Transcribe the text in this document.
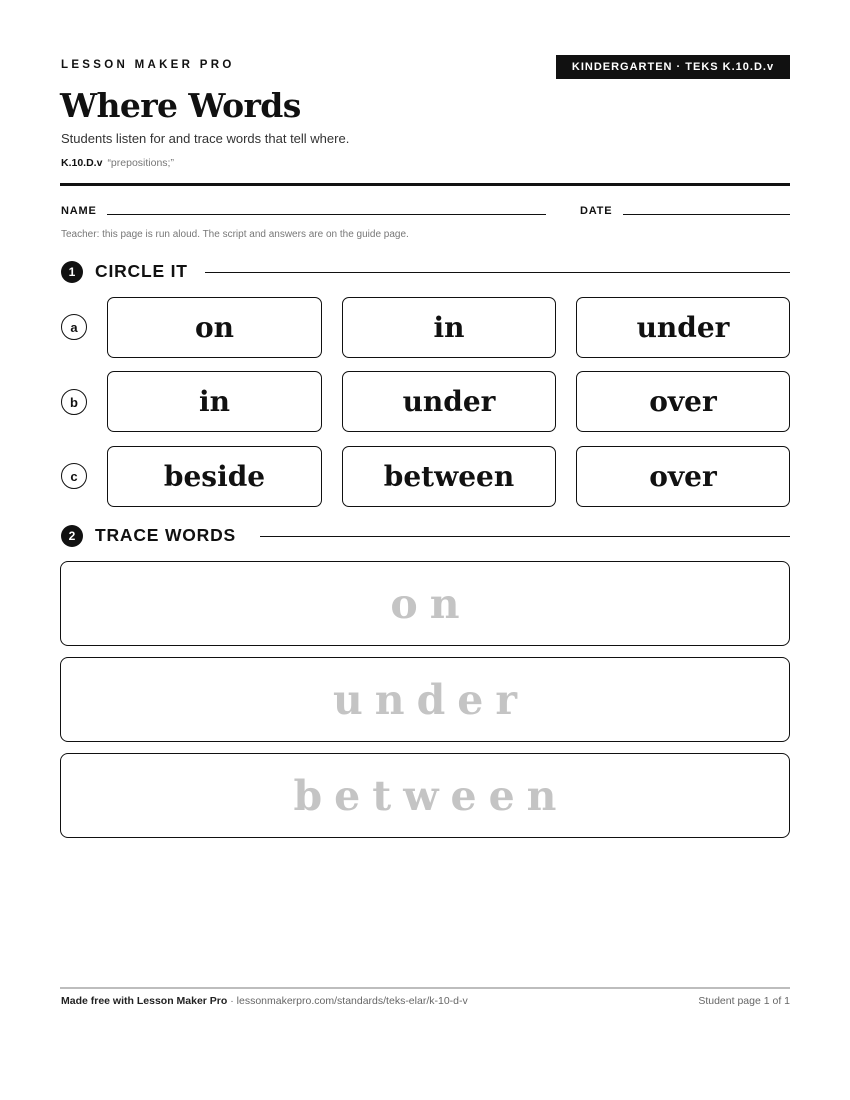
LESSON MAKER PRO	KINDERGARTEN · TEKS K.10.D.v
Where Words
Students listen for and trace words that tell where.
K.10.D.v “prepositions;”
NAME	DATE
Teacher: this page is run aloud. The script and answers are on the guide page.
1	CIRCLE IT
a	on	in	under
b	in	under	over
c	beside	between	over
2	TRACE WORDS
on
under
between
Made free with Lesson Maker Pro · lessonmakerpro.com/standards/teks-elar/k-10-d-v	Student page 1 of 1
